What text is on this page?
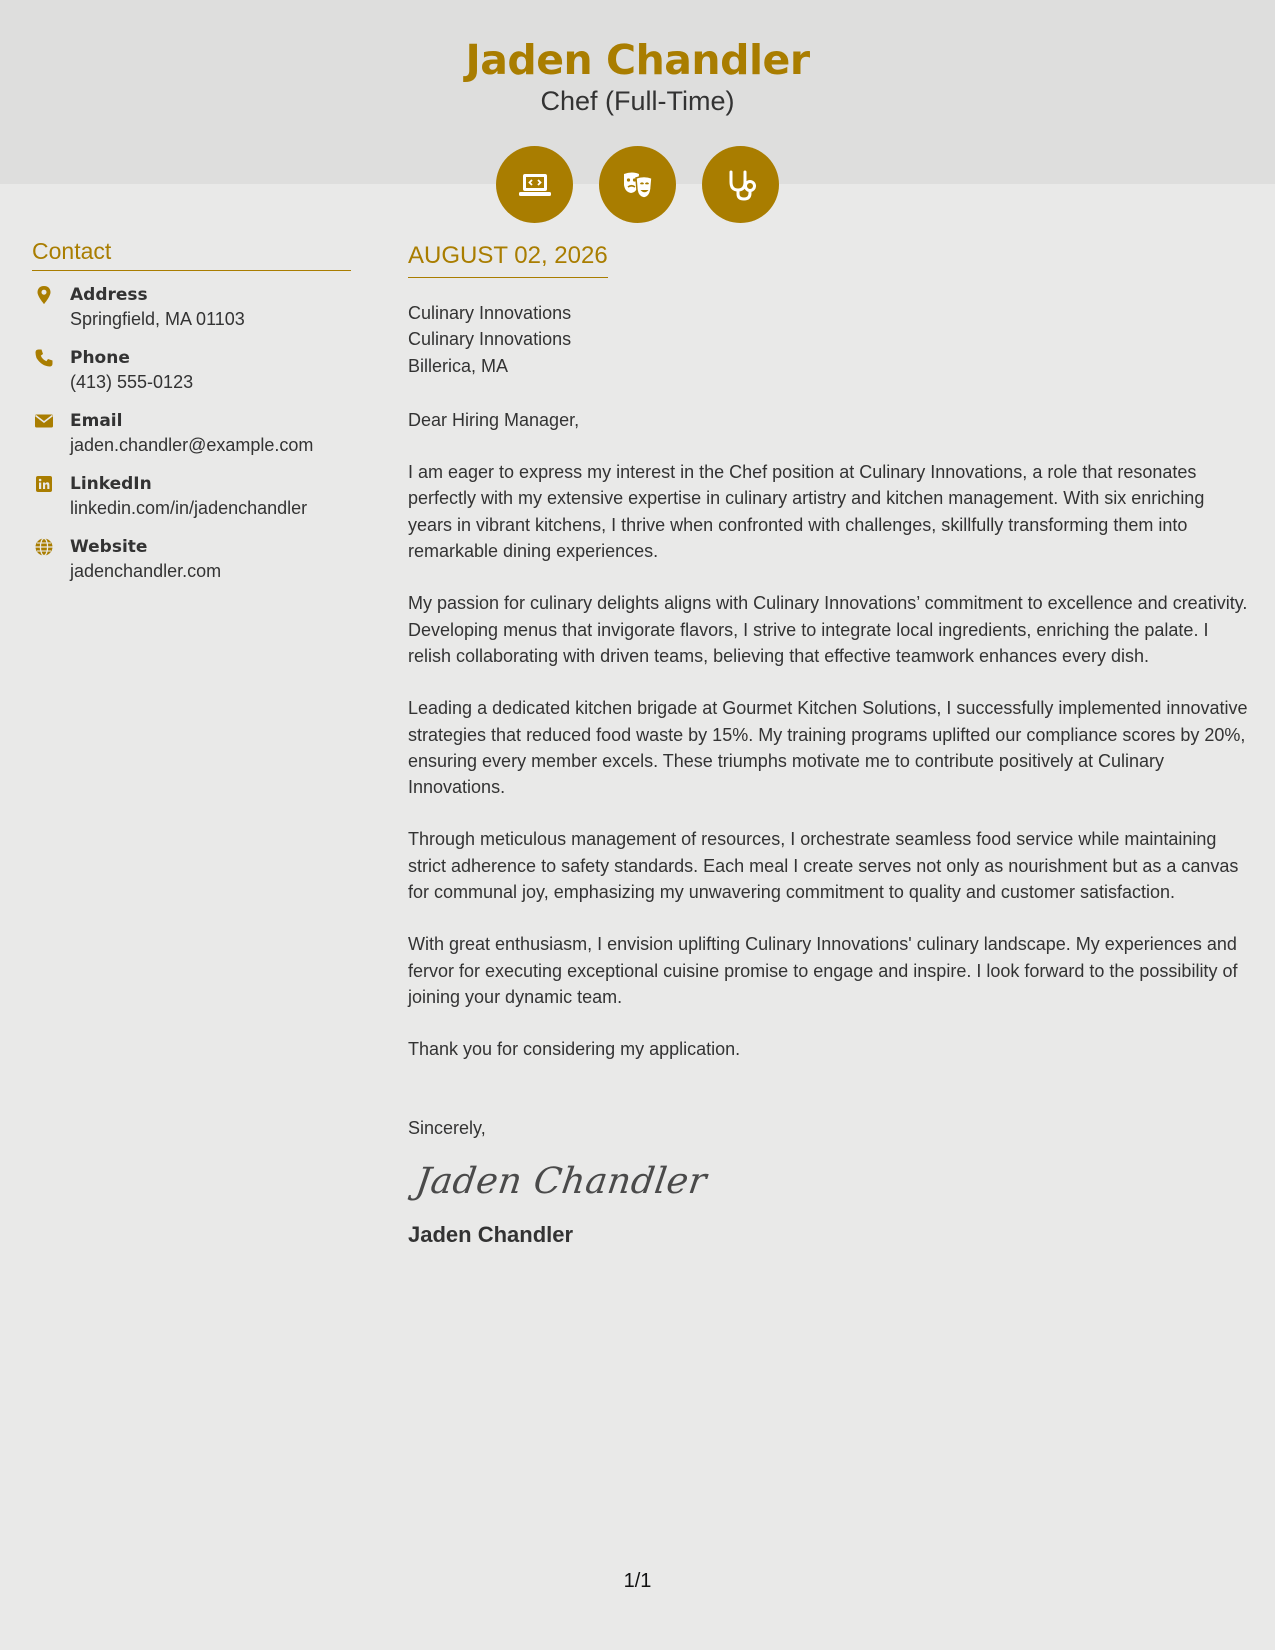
Jaden Chandler
Chef (Full-Time)
Contact
Address
Springfield, MA 01103
Phone
(413) 555-0123
Email
jaden.chandler@example.com
LinkedIn
linkedin.com/in/jadenchandler
Website
jadenchandler.com
AUGUST 02, 2026
Culinary Innovations
Culinary Innovations
Billerica, MA
Dear Hiring Manager,
I am eager to express my interest in the Chef position at Culinary Innovations, a role that resonates perfectly with my extensive expertise in culinary artistry and kitchen management. With six enriching years in vibrant kitchens, I thrive when confronted with challenges, skillfully transforming them into remarkable dining experiences.
My passion for culinary delights aligns with Culinary Innovations’ commitment to excellence and creativity. Developing menus that invigorate flavors, I strive to integrate local ingredients, enriching the palate. I relish collaborating with driven teams, believing that effective teamwork enhances every dish.
Leading a dedicated kitchen brigade at Gourmet Kitchen Solutions, I successfully implemented innovative strategies that reduced food waste by 15%. My training programs uplifted our compliance scores by 20%, ensuring every member excels. These triumphs motivate me to contribute positively at Culinary Innovations.
Through meticulous management of resources, I orchestrate seamless food service while maintaining strict adherence to safety standards. Each meal I create serves not only as nourishment but as a canvas for communal joy, emphasizing my unwavering commitment to quality and customer satisfaction.
With great enthusiasm, I envision uplifting Culinary Innovations' culinary landscape. My experiences and fervor for executing exceptional cuisine promise to engage and inspire. I look forward to the possibility of joining your dynamic team.
Thank you for considering my application.
Sincerely,
Jaden Chandler
Jaden Chandler
1/1
